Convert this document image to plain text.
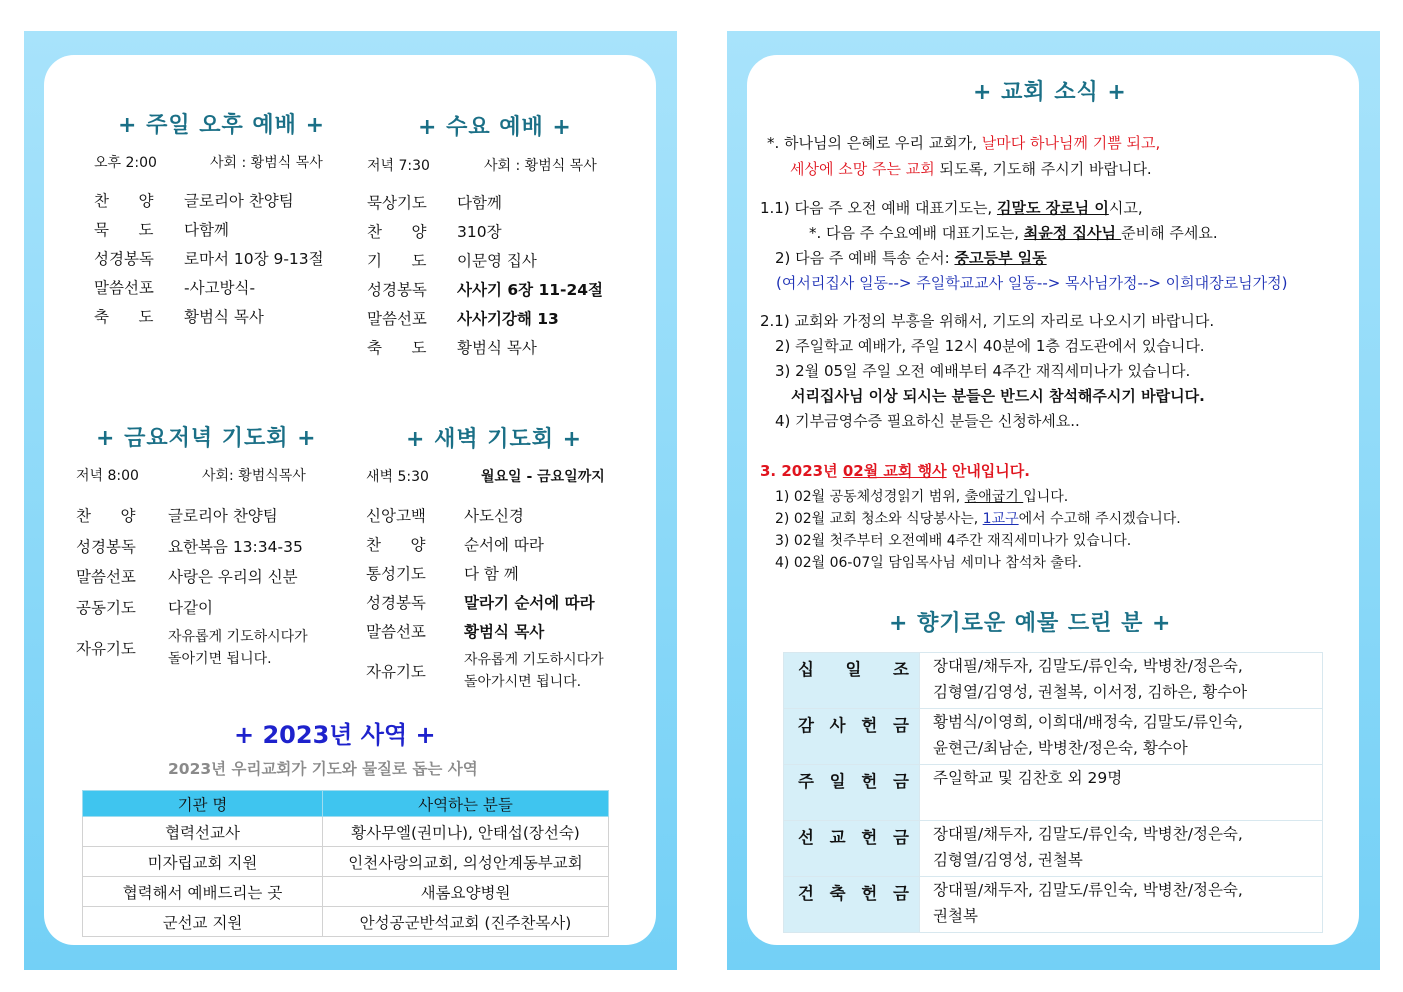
+ 주일 오후 예배 +
오후 2:00	사회 : 황범식 목사
찬      양 글로리아 찬양팀
묵      도 다함께
성경봉독 로마서 10장 9-13절
말씀선포 -사고방식-
축      도 황범식 목사
+ 수요 예배 +
저녁 7:30	사회 : 황범식 목사
묵상기도 다함께
찬      양 310장
기      도 이문영 집사
성경봉독 사사기 6장 11-24절
말씀선포 사사기강해 13
축      도 황범식 목사
+ 금요저녁 기도회 +
저녁 8:00	사회: 황범식목사
찬      양 글로리아 찬양팀
성경봉독 요한복음 13:34-35
말씀선포 사랑은 우리의 신분
공동기도 다같이
자유기도
자유롭게 기도하시다가
돌아기면 됩니다.
+ 새벽 기도회 +
새벽 5:30	월요일 - 금요일까지
신앙고백 사도신경
찬      양 순서에 따라
통성기도 다 함 께
성경봉독 말라기 순서에 따라
말씀선포 황범식 목사
자유기도
자유롭게 기도하시다가
돌아가시면 됩니다.
+ 2023년 사역 +
2023년 우리교회가 기도와 물질로 돕는 사역
기관 명	사역하는 분들
협력선교사	황사무엘(권미나), 안태섭(장선숙)
미자립교회 지원	인천사랑의교회, 의성안계동부교회
협력해서 예배드리는 곳	새롬요양병원
군선교 지원	안성공군반석교회 (진주찬목사)
+ 교회 소식 +
*. 하나님의 은혜로 우리 교회가, 날마다 하나님께 기쁨 되고,
세상에 소망 주는 교회 되도록, 기도해 주시기 바랍니다.
1.1) 다음 주 오전 예배 대표기도는, 김말도 장로님 이시고,
*. 다음 주 수요예배 대표기도는, 최윤정 집사님 준비해 주세요.
2) 다음 주 예배 특송 순서: 중고등부 일동
(여서리집사 일동--> 주일학교교사 일동--> 목사님가정--> 이희대장로님가정)
2.1) 교회와 가정의 부흥을 위해서, 기도의 자리로 나오시기 바랍니다.
2) 주일학교 예배가, 주일 12시 40분에 1층 검도관에서 있습니다.
3) 2월 05일 주일 오전 예배부터 4주간 재직세미나가 있습니다.
서리집사님 이상 되시는 분들은 반드시 참석해주시기 바랍니다.
4) 기부금영수증 필요하신 분들은 신청하세요..
3. 2023년 02월 교회 행사 안내입니다.
1) 02월 공동체성경읽기 범위, 출애굽기 입니다.
2) 02월 교회 청소와 식당봉사는, 1교구에서 수고해 주시겠습니다.
3) 02월 첫주부터 오전예배 4주간 재직세미나가 있습니다.
4) 02월 06-07일 담임목사님 세미나 참석차 출타.
+ 향기로운 예물 드린 분 +
십 일 조	장대필/채두자, 김말도/류인숙, 박병찬/정은숙,
김형열/김영성, 권철복, 이서정, 김하은, 황수아

감 사 헌 금	황범식/이영희, 이희대/배정숙, 김말도/류인숙,
윤현근/최남순, 박병찬/정은숙, 황수아

주 일 헌 금	주일학교 및 김찬호 외 29명

선 교 헌 금	장대필/채두자, 김말도/류인숙, 박병찬/정은숙,
김형열/김영성, 권철복

건 축 헌 금	장대필/채두자, 김말도/류인숙, 박병찬/정은숙,
권철복
